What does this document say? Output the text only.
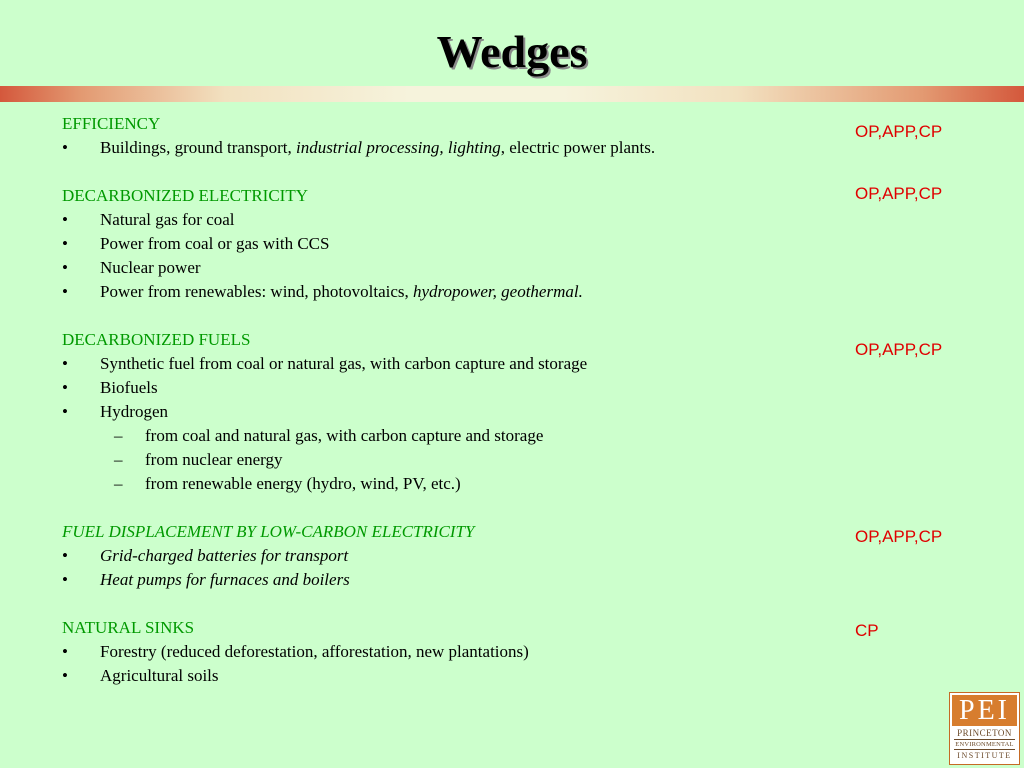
Wedges
EFFICIENCY
• Buildings, ground transport, industrial processing, lighting, electric power plants.
DECARBONIZED ELECTRICITY
• Natural gas for coal
• Power from coal or gas with CCS
• Nuclear power
• Power from renewables: wind, photovoltaics, hydropower, geothermal.
DECARBONIZED FUELS
• Synthetic fuel from coal or natural gas, with carbon capture and storage
• Biofuels
• Hydrogen
– from coal and natural gas, with carbon capture and storage
– from nuclear energy
– from renewable energy (hydro, wind, PV, etc.)
FUEL DISPLACEMENT BY LOW-CARBON ELECTRICITY
• Grid-charged batteries for transport
• Heat pumps for furnaces and boilers
NATURAL SINKS
• Forestry (reduced deforestation, afforestation, new plantations)
• Agricultural soils
OP,APP,CP
OP,APP,CP
OP,APP,CP
OP,APP,CP
CP
PEI
PRINCETON
ENVIRONMENTAL
INSTITUTE
